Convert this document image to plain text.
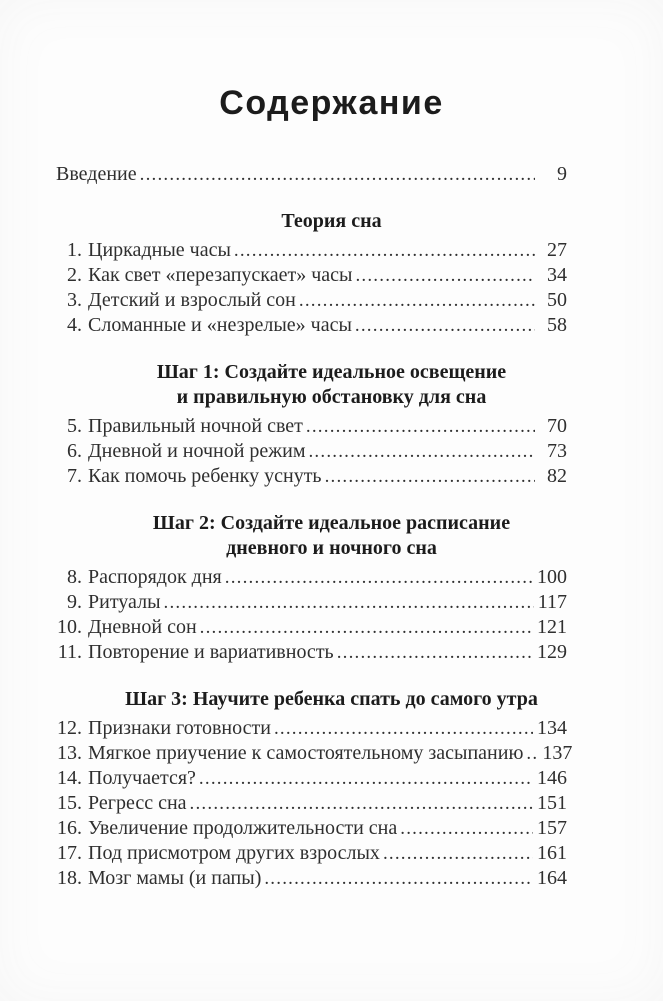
Содержание
Введение .....	9
Теория сна
1. Циркадные часы .....	27
2. Как свет «перезапускает» часы .....	34
3. Детский и взрослый сон .....	50
4. Сломанные и «незрелые» часы .....	58
Шаг 1: Создайте идеальное освещение
и правильную обстановку для сна
5. Правильный ночной свет .....	70
6. Дневной и ночной режим .....	73
7. Как помочь ребенку уснуть .....	82
Шаг 2: Создайте идеальное расписание
дневного и ночного сна
8. Распорядок дня .....	100
9. Ритуалы .....	117
10. Дневной сон .....	121
11. Повторение и вариативность .....	129
Шаг 3: Научите ребенка спать до самого утра
12. Признаки готовности .....	134
13. Мягкое приучение к самостоятельному засыпанию ..... 137
14. Получается? .....	146
15. Регресс сна .....	151
16. Увеличение продолжительности сна .....	157
17. Под присмотром других взрослых .....	161
18. Мозг мамы (и папы) .....	164
